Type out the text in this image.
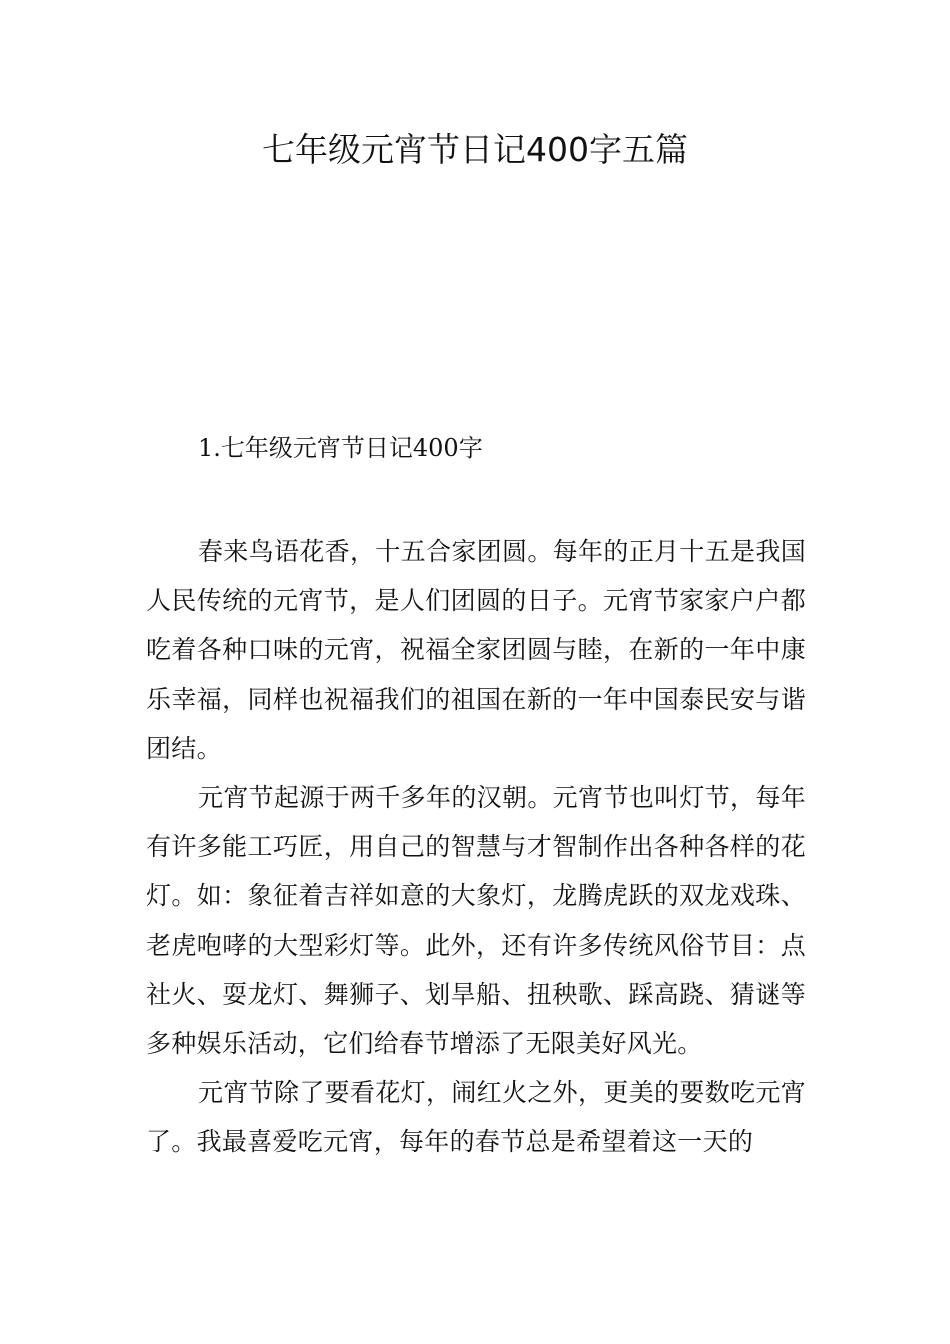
七年级元宵节日记400字五篇
1.七年级元宵节日记400字

春来鸟语花香，十五合家团圆。每年的正月十五是我国人民传统的元宵节，是人们团圆的日子。元宵节家家户户都吃着各种口味的元宵，祝福全家团圆与睦，在新的一年中康乐幸福，同样也祝福我们的祖国在新的一年中国泰民安与谐团结。

元宵节起源于两千多年的汉朝。元宵节也叫灯节，每年有许多能工巧匠，用自己的智慧与才智制作出各种各样的花灯。如：象征着吉祥如意的大象灯，龙腾虎跃的双龙戏珠、老虎咆哮的大型彩灯等。此外，还有许多传统风俗节目：点社火、耍龙灯、舞狮子、划旱船、扭秧歌、踩高跷、猜谜等多种娱乐活动，它们给春节增添了无限美好风光。

元宵节除了要看花灯，闹红火之外，更美的要数吃元宵了。我最喜爱吃元宵，每年的春节总是希望着这一天的
